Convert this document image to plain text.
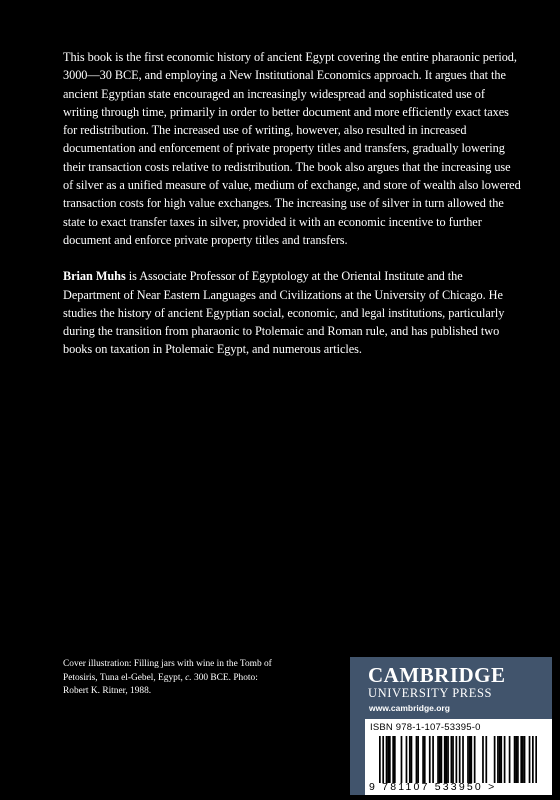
This book is the first economic history of ancient Egypt covering the entire pharaonic period, 3000—30 BCE, and employing a New Institutional Economics approach. It argues that the ancient Egyptian state encouraged an increasingly widespread and sophisticated use of writing through time, primarily in order to better document and more efficiently exact taxes for redistribution. The increased use of writing, however, also resulted in increased documentation and enforcement of private property titles and transfers, gradually lowering their transaction costs relative to redistribution. The book also argues that the increasing use of silver as a unified measure of value, medium of exchange, and store of wealth also lowered transaction costs for high value exchanges. The increasing use of silver in turn allowed the state to exact transfer taxes in silver, provided it with an economic incentive to further document and enforce private property titles and transfers.

Brian Muhs is Associate Professor of Egyptology at the Oriental Institute and the Department of Near Eastern Languages and Civilizations at the University of Chicago. He studies the history of ancient Egyptian social, economic, and legal institutions, particularly during the transition from pharaonic to Ptolemaic and Roman rule, and has published two books on taxation in Ptolemaic Egypt, and numerous articles.

Cover illustration: Filling jars with wine in the Tomb of Petosiris, Tuna el-Gebel, Egypt, c. 300 BCE. Photo: Robert K. Ritner, 1988.
CAMBRIDGE
UNIVERSITY PRESS
www.cambridge.org
ISBN 978-1-107-53395-0
9 781107 533950 >
